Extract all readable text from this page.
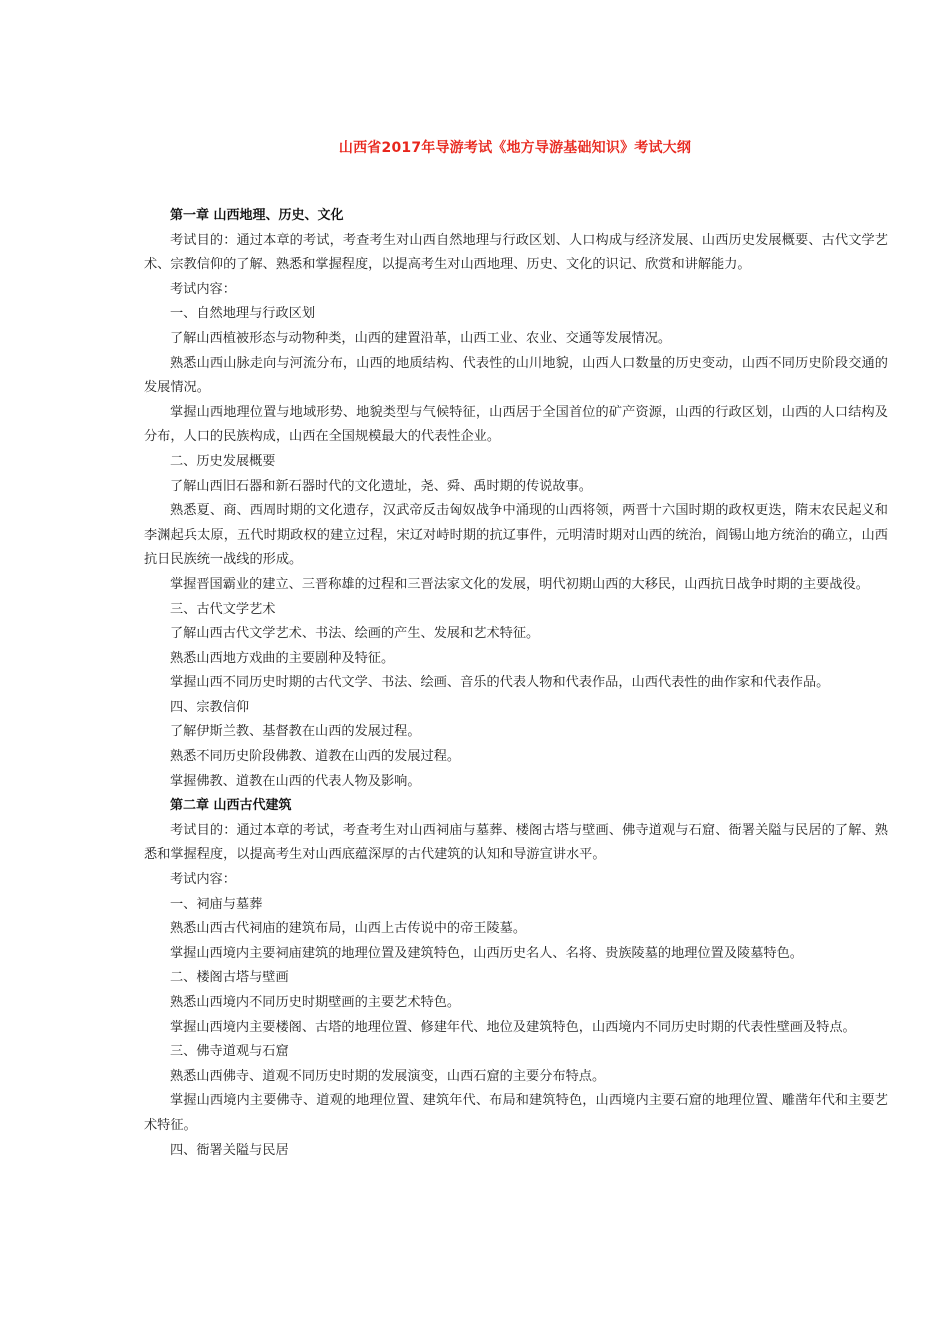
山西省2017年导游考试《地方导游基础知识》考试大纲

第一章 山西地理、历史、文化

考试目的：通过本章的考试，考查考生对山西自然地理与行政区划、人口构成与经济发展、山西历史发展概要、古代文学艺术、宗教信仰的了解、熟悉和掌握程度，以提高考生对山西地理、历史、文化的识记、欣赏和讲解能力。

考试内容：

一、自然地理与行政区划

了解山西植被形态与动物种类，山西的建置沿革，山西工业、农业、交通等发展情况。

熟悉山西山脉走向与河流分布，山西的地质结构、代表性的山川地貌，山西人口数量的历史变动，山西不同历史阶段交通的发展情况。

掌握山西地理位置与地域形势、地貌类型与气候特征，山西居于全国首位的矿产资源，山西的行政区划，山西的人口结构及分布，人口的民族构成，山西在全国规模最大的代表性企业。

二、历史发展概要

了解山西旧石器和新石器时代的文化遗址，尧、舜、禹时期的传说故事。

熟悉夏、商、西周时期的文化遗存，汉武帝反击匈奴战争中涌现的山西将领，两晋十六国时期的政权更迭，隋末农民起义和李渊起兵太原，五代时期政权的建立过程，宋辽对峙时期的抗辽事件，元明清时期对山西的统治，阎锡山地方统治的确立，山西抗日民族统一战线的形成。

掌握晋国霸业的建立、三晋称雄的过程和三晋法家文化的发展，明代初期山西的大移民，山西抗日战争时期的主要战役。

三、古代文学艺术

了解山西古代文学艺术、书法、绘画的产生、发展和艺术特征。

熟悉山西地方戏曲的主要剧种及特征。

掌握山西不同历史时期的古代文学、书法、绘画、音乐的代表人物和代表作品，山西代表性的曲作家和代表作品。

四、宗教信仰

了解伊斯兰教、基督教在山西的发展过程。

熟悉不同历史阶段佛教、道教在山西的发展过程。

掌握佛教、道教在山西的代表人物及影响。

第二章 山西古代建筑

考试目的：通过本章的考试，考查考生对山西祠庙与墓葬、楼阁古塔与壁画、佛寺道观与石窟、衙署关隘与民居的了解、熟悉和掌握程度，以提高考生对山西底蕴深厚的古代建筑的认知和导游宣讲水平。

考试内容：

一、祠庙与墓葬

熟悉山西古代祠庙的建筑布局，山西上古传说中的帝王陵墓。

掌握山西境内主要祠庙建筑的地理位置及建筑特色，山西历史名人、名将、贵族陵墓的地理位置及陵墓特色。

二、楼阁古塔与壁画

熟悉山西境内不同历史时期壁画的主要艺术特色。

掌握山西境内主要楼阁、古塔的地理位置、修建年代、地位及建筑特色，山西境内不同历史时期的代表性壁画及特点。

三、佛寺道观与石窟

熟悉山西佛寺、道观不同历史时期的发展演变，山西石窟的主要分布特点。

掌握山西境内主要佛寺、道观的地理位置、建筑年代、布局和建筑特色，山西境内主要石窟的地理位置、雕凿年代和主要艺术特征。

四、衙署关隘与民居
